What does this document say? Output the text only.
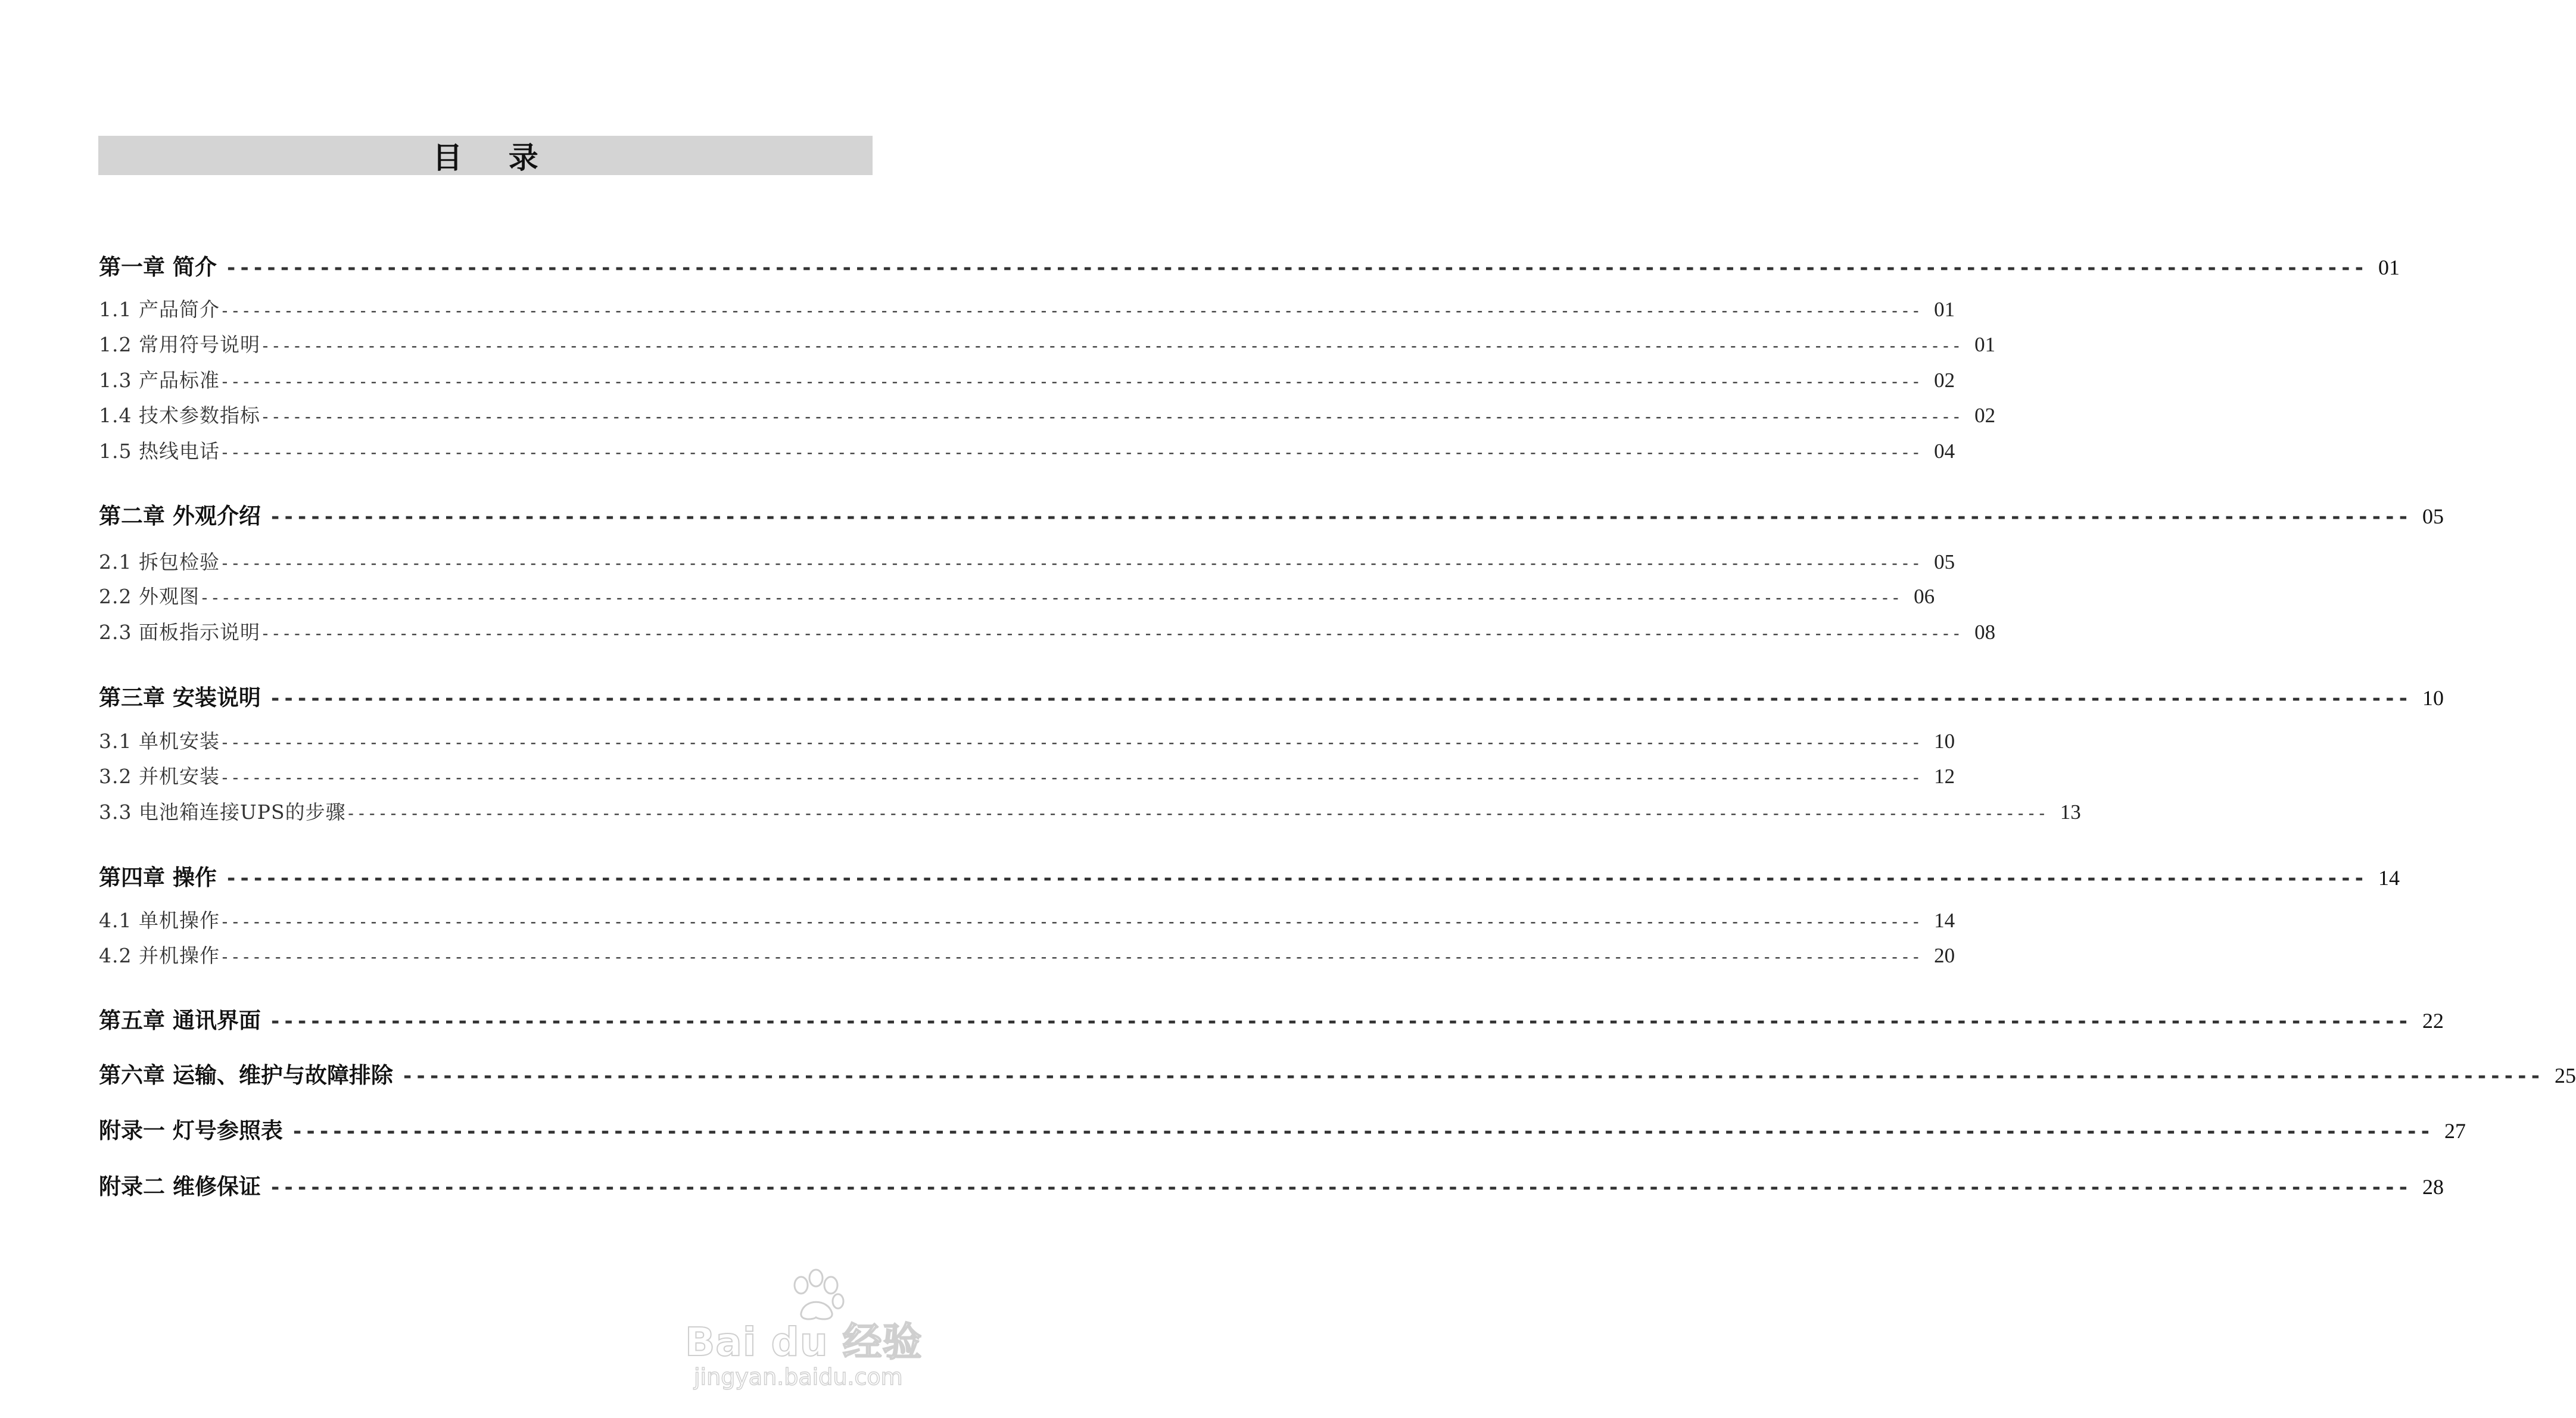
目 录
第一章 简介 ---------------------------------------------------------------------------------------------------------------------------------------------------------------- 01
1.1 产品简介 ---------------------------------------------------------------------------------------------------------------------------------------------------------------- 01
1.2 常用符号说明 ---------------------------------------------------------------------------------------------------------------------------------------------------------------- 01
1.3 产品标准 ---------------------------------------------------------------------------------------------------------------------------------------------------------------- 02
1.4 技术参数指标 ---------------------------------------------------------------------------------------------------------------------------------------------------------------- 02
1.5 热线电话 ---------------------------------------------------------------------------------------------------------------------------------------------------------------- 04
第二章 外观介绍 ---------------------------------------------------------------------------------------------------------------------------------------------------------------- 05
2.1 拆包检验 ---------------------------------------------------------------------------------------------------------------------------------------------------------------- 05
2.2 外观图 ---------------------------------------------------------------------------------------------------------------------------------------------------------------- 06
2.3 面板指示说明 ---------------------------------------------------------------------------------------------------------------------------------------------------------------- 08
第三章 安装说明 ---------------------------------------------------------------------------------------------------------------------------------------------------------------- 10
3.1 单机安装 ---------------------------------------------------------------------------------------------------------------------------------------------------------------- 10
3.2 并机安装 ---------------------------------------------------------------------------------------------------------------------------------------------------------------- 12
3.3 电池箱连接UPS的步骤 ---------------------------------------------------------------------------------------------------------------------------------------------------------------- 13
第四章 操作 ---------------------------------------------------------------------------------------------------------------------------------------------------------------- 14
4.1 单机操作 ---------------------------------------------------------------------------------------------------------------------------------------------------------------- 14
4.2 并机操作 ---------------------------------------------------------------------------------------------------------------------------------------------------------------- 20
第五章 通讯界面 ---------------------------------------------------------------------------------------------------------------------------------------------------------------- 22
第六章 运输、维护与故障排除 ---------------------------------------------------------------------------------------------------------------------------------------------------------------- 25
附录一 灯号参照表 ---------------------------------------------------------------------------------------------------------------------------------------------------------------- 27
附录二 维修保证 ---------------------------------------------------------------------------------------------------------------------------------------------------------------- 28
Bai du 经验
jingyan.baidu.com
